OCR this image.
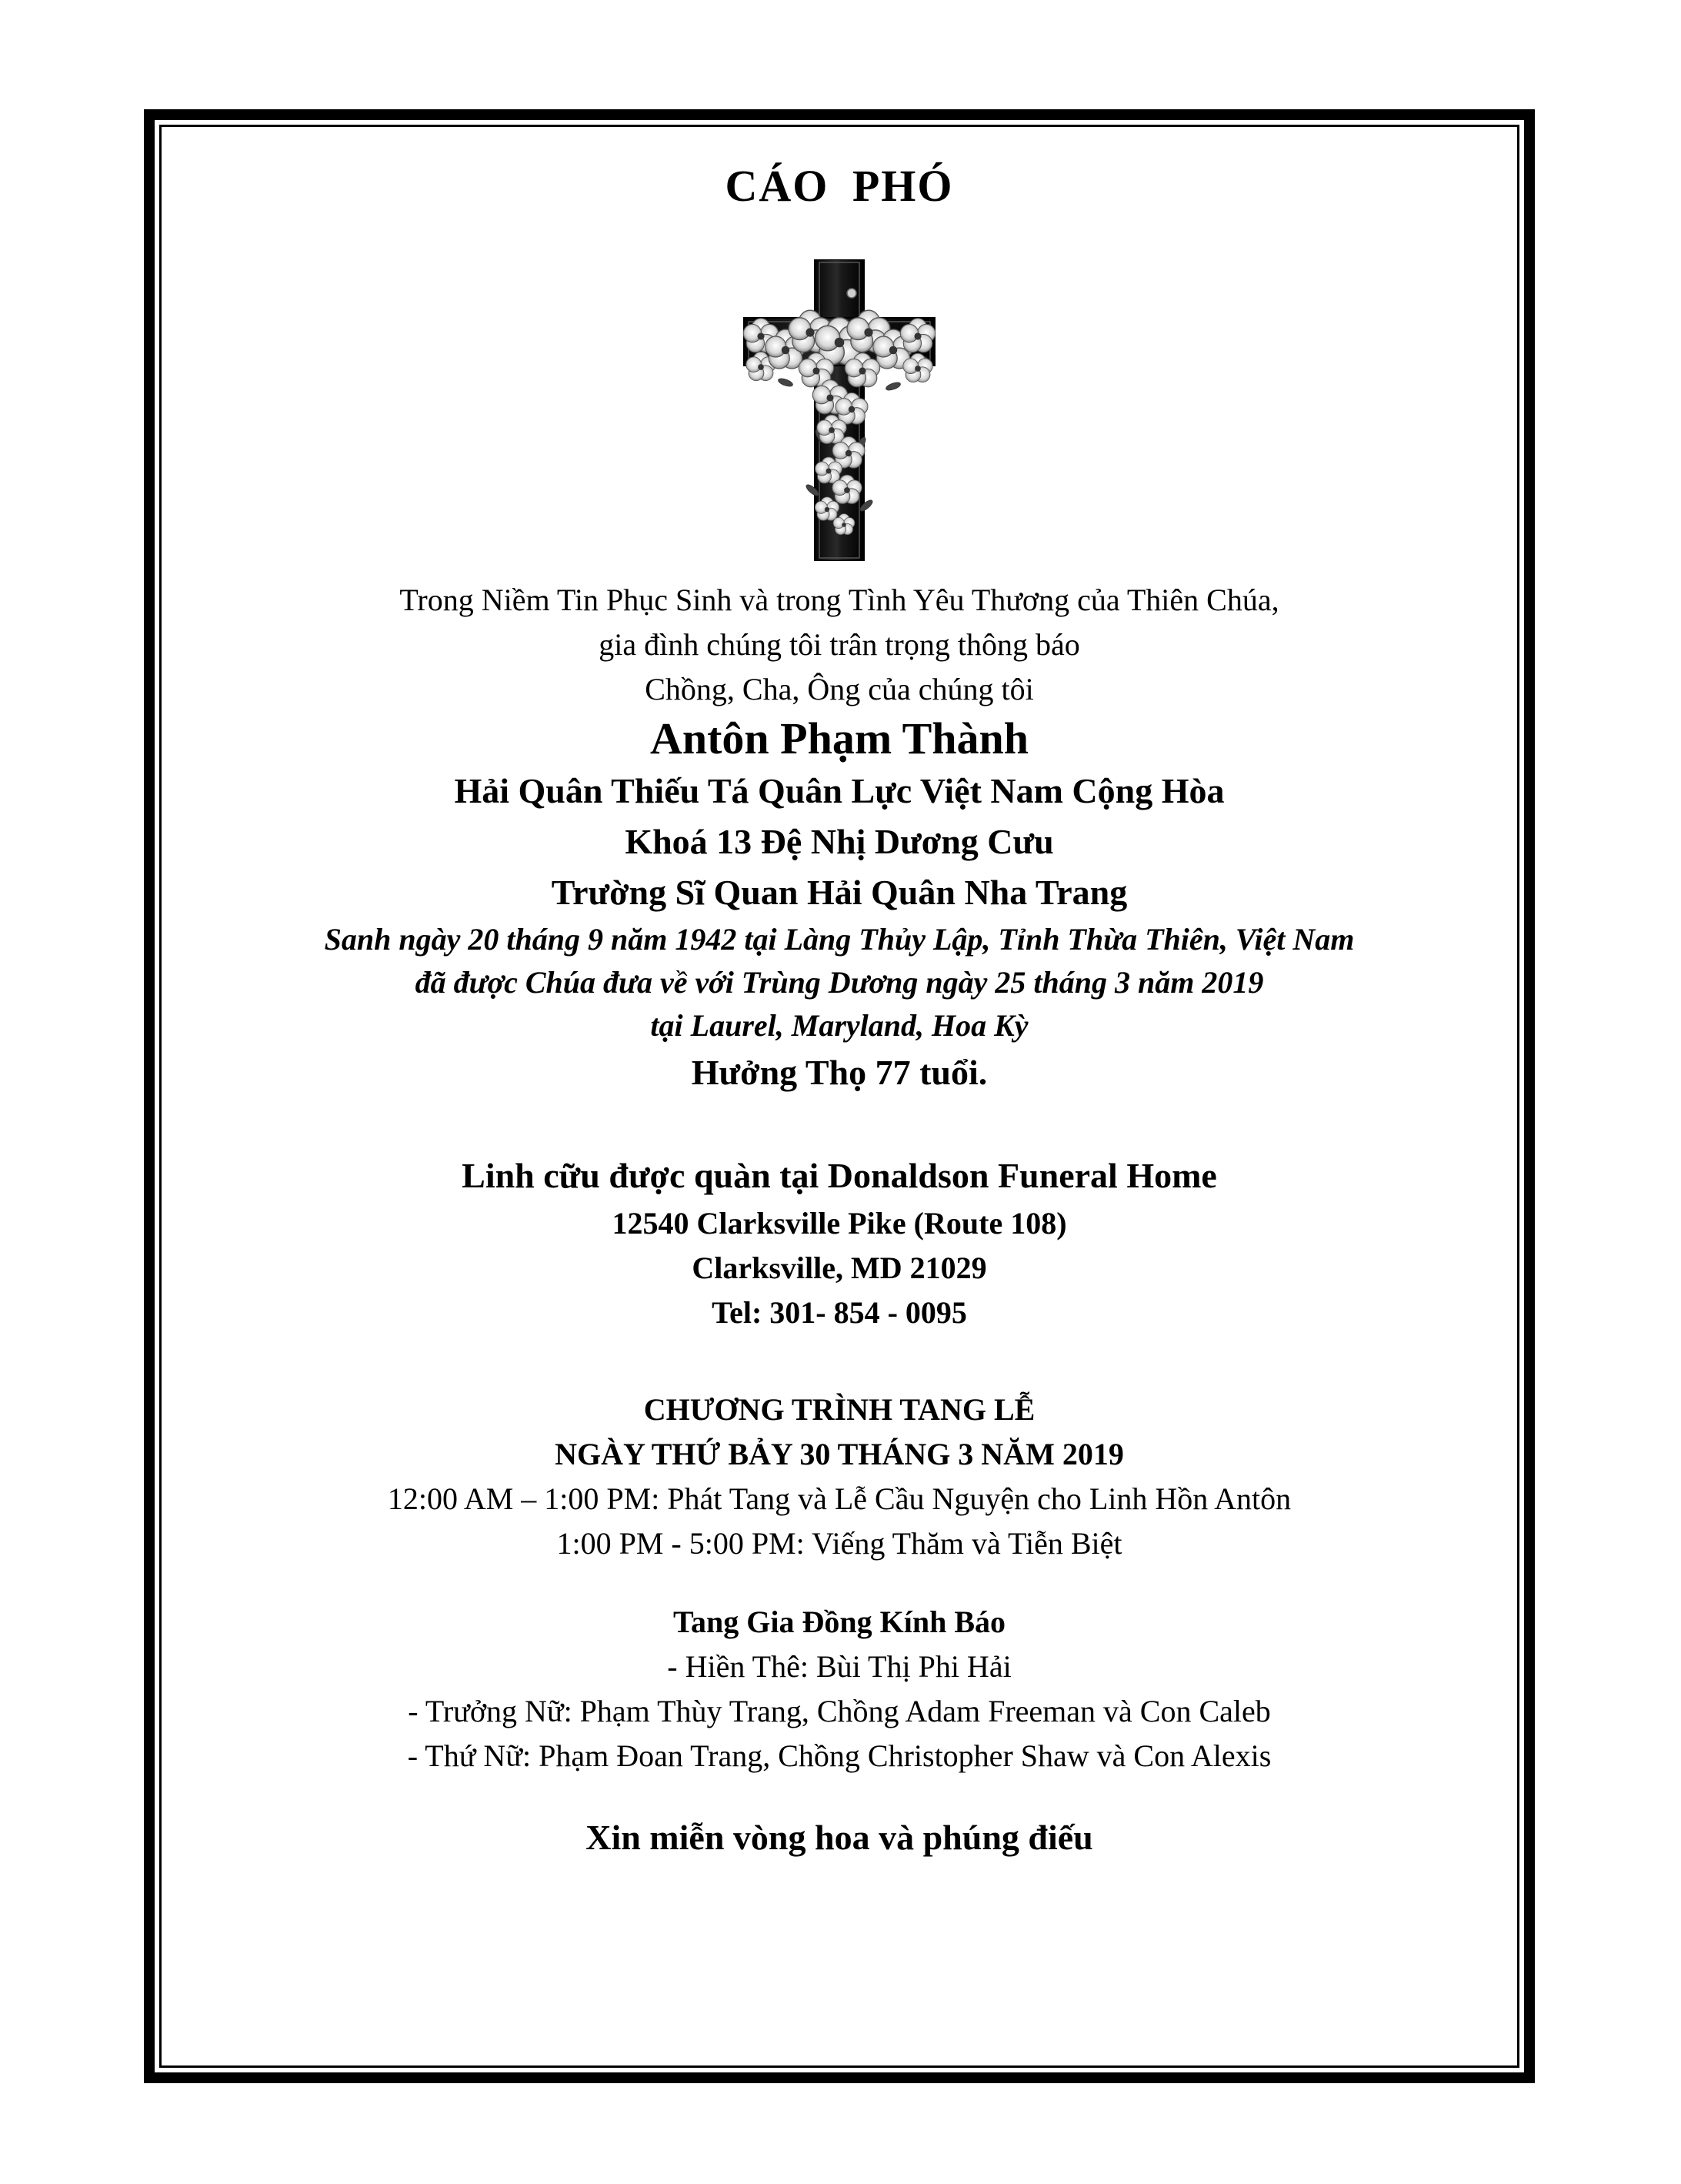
CÁO PHÓ
Trong Niềm Tin Phục Sinh và trong Tình Yêu Thương của Thiên Chúa,
gia đình chúng tôi trân trọng thông báo
Chồng, Cha, Ông của chúng tôi
Antôn Phạm Thành
Hải Quân Thiếu Tá Quân Lực Việt Nam Cộng Hòa
Khoá 13 Đệ Nhị Dương Cưu
Trường Sĩ Quan Hải Quân Nha Trang
Sanh ngày 20 tháng 9 năm 1942 tại Làng Thủy Lập, Tỉnh Thừa Thiên, Việt Nam
đã được Chúa đưa về với Trùng Dương ngày 25 tháng 3 năm 2019
tại Laurel, Maryland, Hoa Kỳ
Hưởng Thọ 77 tuổi.
Linh cữu được quàn tại Donaldson Funeral Home
12540 Clarksville Pike (Route 108)
Clarksville, MD 21029
Tel: 301- 854 - 0095
CHƯƠNG TRÌNH TANG LỄ
NGÀY THỨ BẢY 30 THÁNG 3 NĂM 2019
12:00 AM – 1:00 PM: Phát Tang và Lễ Cầu Nguyện cho Linh Hồn Antôn
1:00 PM - 5:00 PM: Viếng Thăm và Tiễn Biệt
Tang Gia Đồng Kính Báo
- Hiền Thê: Bùi Thị Phi Hải
- Trưởng Nữ: Phạm Thùy Trang, Chồng Adam Freeman và Con Caleb
- Thứ Nữ: Phạm Đoan Trang, Chồng Christopher Shaw và Con Alexis
Xin miễn vòng hoa và phúng điếu
